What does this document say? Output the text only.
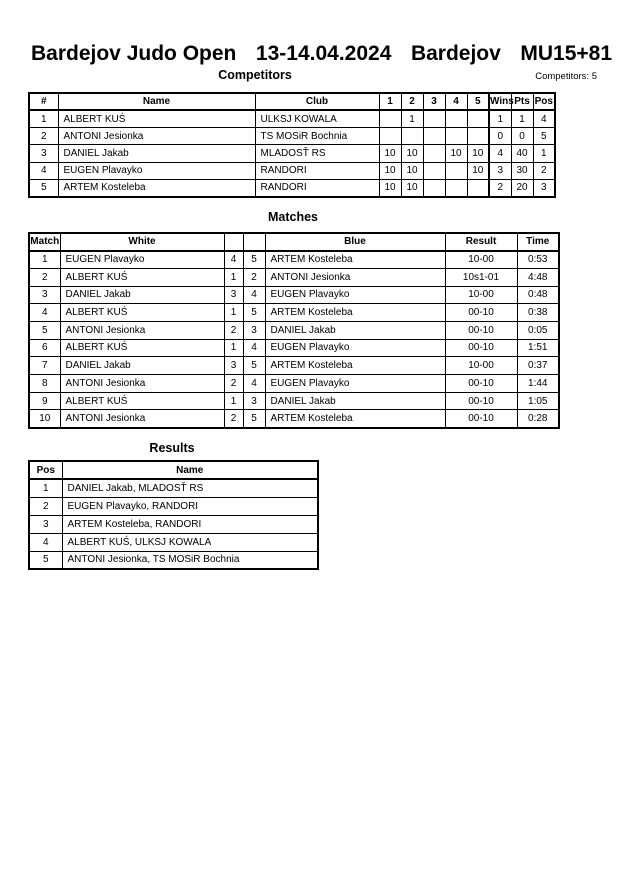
Bardejov Judo Open 13-14.04.2024 Bardejov MU15+81
Competitors	Competitors: 5
#	Name	Club	1	2	3	4	5	Wins	Pts	Pos
1	ALBERT KUŚ	ULKSJ KOWALA		1				1	1	4
2	ANTONI Jesionka	TS MOSiR Bochnia						0	0	5
3	DANIEL Jakab	MLADOSŤ RS	10	10		10	10	4	40	1
4	EUGEN Plavayko	RANDORI	10	10			10	3	30	2
5	ARTEM Kosteleba	RANDORI	10	10				2	20	3
Matches
Match	White			Blue	Result	Time
1	EUGEN Plavayko	4	5	ARTEM Kosteleba	10-00	0:53
2	ALBERT KUŚ	1	2	ANTONI Jesionka	10s1-01	4:48
3	DANIEL Jakab	3	4	EUGEN Plavayko	10-00	0:48
4	ALBERT KUŚ	1	5	ARTEM Kosteleba	00-10	0:38
5	ANTONI Jesionka	2	3	DANIEL Jakab	00-10	0:05
6	ALBERT KUŚ	1	4	EUGEN Plavayko	00-10	1:51
7	DANIEL Jakab	3	5	ARTEM Kosteleba	10-00	0:37
8	ANTONI Jesionka	2	4	EUGEN Plavayko	00-10	1:44
9	ALBERT KUŚ	1	3	DANIEL Jakab	00-10	1:05
10	ANTONI Jesionka	2	5	ARTEM Kosteleba	00-10	0:28
Results
Pos	Name
1	DANIEL Jakab, MLADOSŤ RS
2	EUGEN Plavayko, RANDORI
3	ARTEM Kosteleba, RANDORI
4	ALBERT KUŚ, ULKSJ KOWALA
5	ANTONI Jesionka, TS MOSiR Bochnia
